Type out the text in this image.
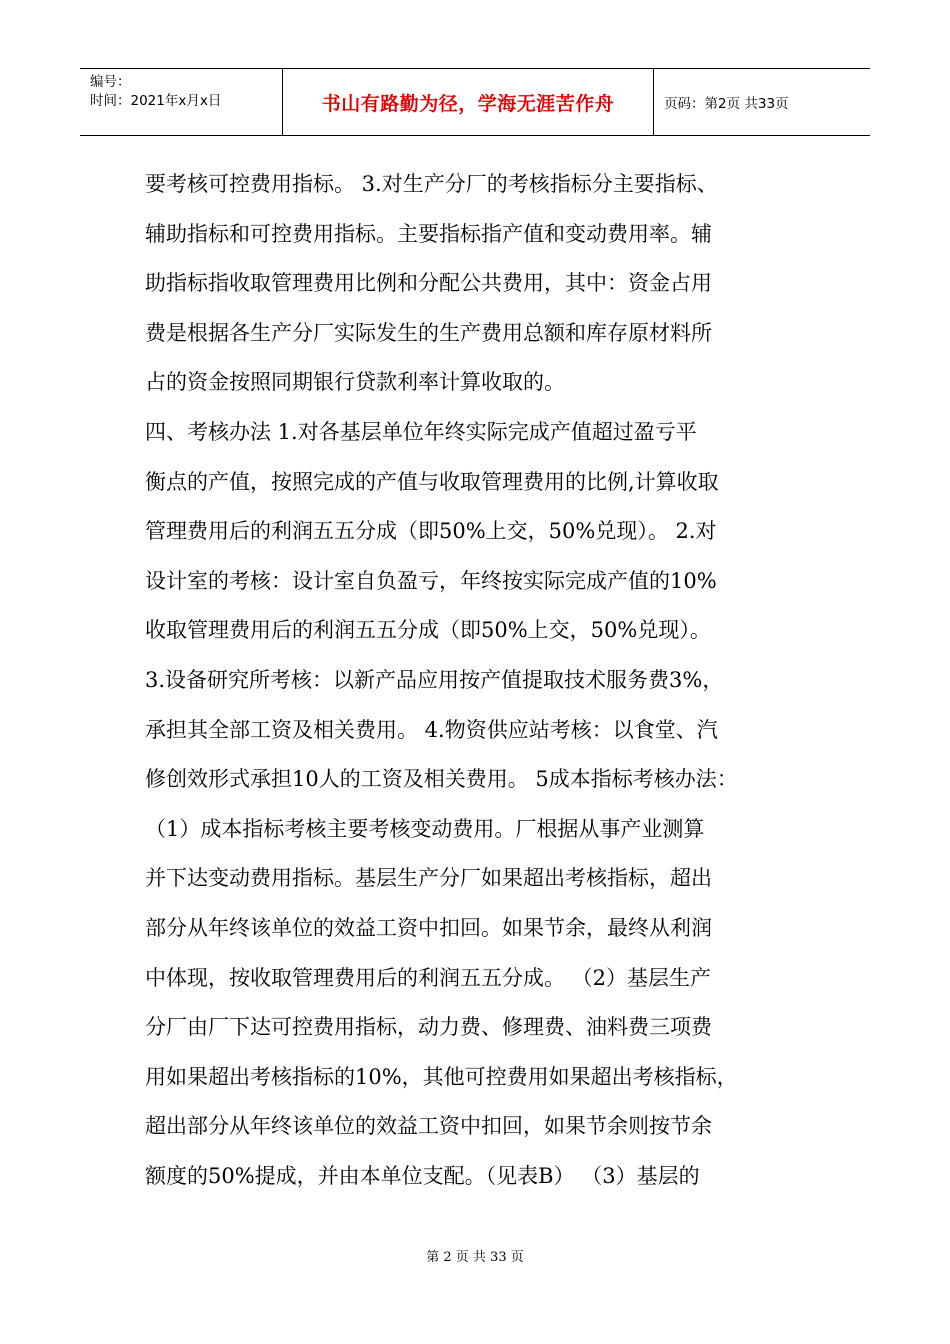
编号：
时间：2021年x月x日	书山有路勤为径，学海无涯苦作舟	页码：第2页 共33页
要考核可控费用指标。 3.对生产分厂的考核指标分主要指标、
辅助指标和可控费用指标。主要指标指产值和变动费用率。辅
助指标指收取管理费用比例和分配公共费用，其中：资金占用
费是根据各生产分厂实际发生的生产费用总额和库存原材料所
占的资金按照同期银行贷款利率计算收取的。
四、考核办法 1.对各基层单位年终实际完成产值超过盈亏平
衡点的产值，按照完成的产值与收取管理费用的比例,计算收取
管理费用后的利润五五分成（即50%上交，50%兑现）。 2.对
设计室的考核：设计室自负盈亏，年终按实际完成产值的10%
收取管理费用后的利润五五分成（即50%上交，50%兑现）。
3.设备研究所考核：以新产品应用按产值提取技术服务费3%，
承担其全部工资及相关费用。 4.物资供应站考核：以食堂、汽
修创效形式承担10人的工资及相关费用。 5成本指标考核办法：
（1）成本指标考核主要考核变动费用。厂根据从事产业测算
并下达变动费用指标。基层生产分厂如果超出考核指标，超出
部分从年终该单位的效益工资中扣回。如果节余，最终从利润
中体现，按收取管理费用后的利润五五分成。 （2）基层生产
分厂由厂下达可控费用指标，动力费、修理费、油料费三项费
用如果超出考核指标的10%，其他可控费用如果超出考核指标，
超出部分从年终该单位的效益工资中扣回，如果节余则按节余
额度的50%提成，并由本单位支配。（见表B） （3）基层的
第 2 页 共 33 页
